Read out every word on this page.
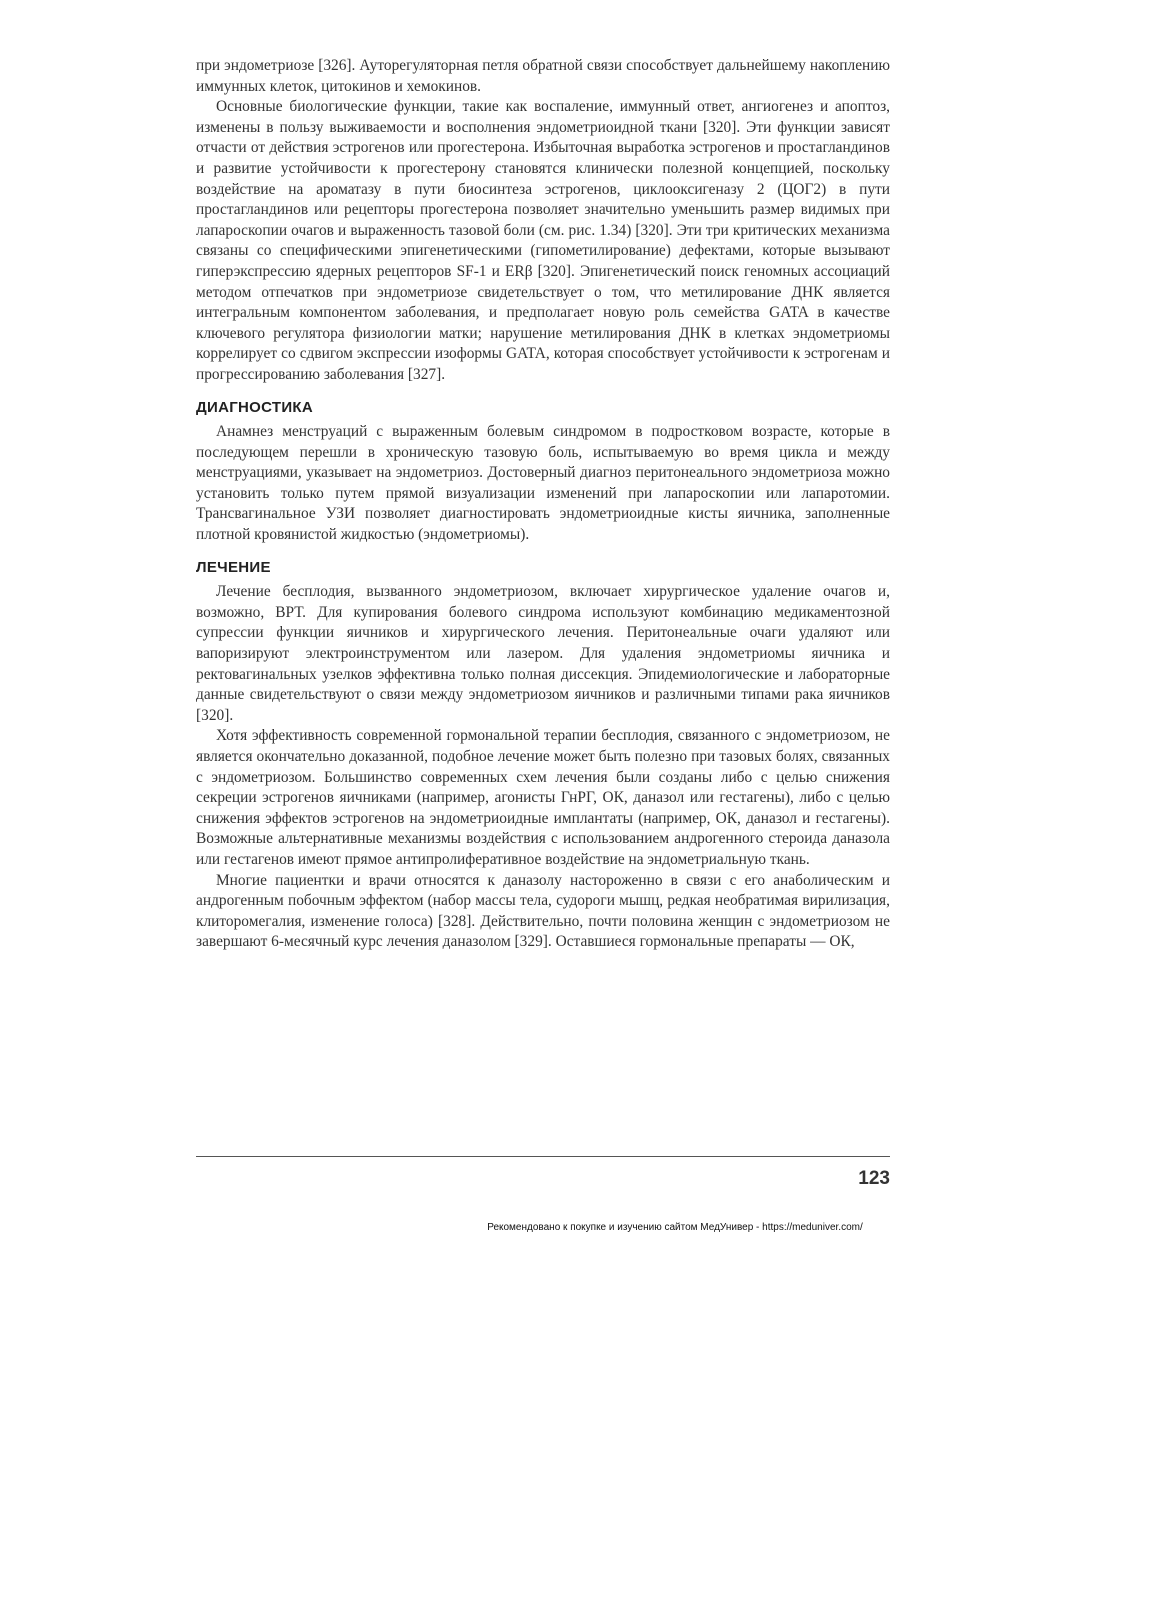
при эндометриозе [326]. Ауторегуляторная петля обратной связи способствует дальнейшему накоплению иммунных клеток, цитокинов и хемокинов.

Основные биологические функции, такие как воспаление, иммунный ответ, ангиогенез и апоптоз, изменены в пользу выживаемости и восполнения эндометриоидной ткани [320]. Эти функции зависят отчасти от действия эстрогенов или прогестерона. Избыточная выработка эстрогенов и простагландинов и развитие устойчивости к прогестерону становятся клинически полезной концепцией, поскольку воздействие на ароматазу в пути биосинтеза эстрогенов, циклооксигеназу 2 (ЦОГ2) в пути простагландинов или рецепторы прогестерона позволяет значительно уменьшить размер видимых при лапароскопии очагов и выраженность тазовой боли (см. рис. 1.34) [320]. Эти три критических механизма связаны со специфическими эпигенетическими (гипометилирование) дефектами, которые вызывают гиперэкспрессию ядерных рецепторов SF-1 и ERβ [320]. Эпигенетический поиск геномных ассоциаций методом отпечатков при эндометриозе свидетельствует о том, что метилирование ДНК является интегральным компонентом заболевания, и предполагает новую роль семейства GATA в качестве ключевого регулятора физиологии матки; нарушение метилирования ДНК в клетках эндометриомы коррелирует со сдвигом экспрессии изоформы GATA, которая способствует устойчивости к эстрогенам и прогрессированию заболевания [327].

ДИАГНОСТИКА

Анамнез менструаций с выраженным болевым синдромом в подростковом возрасте, которые в последующем перешли в хроническую тазовую боль, испытываемую во время цикла и между менструациями, указывает на эндометриоз. Достоверный диагноз перитонеального эндометриоза можно установить только путем прямой визуализации изменений при лапароскопии или лапаротомии. Трансвагинальное УЗИ позволяет диагностировать эндометриоидные кисты яичника, заполненные плотной кровянистой жидкостью (эндометриомы).

ЛЕЧЕНИЕ

Лечение бесплодия, вызванного эндометриозом, включает хирургическое удаление очагов и, возможно, ВРТ. Для купирования болевого синдрома используют комбинацию медикаментозной супрессии функции яичников и хирургического лечения. Перитонеальные очаги удаляют или вапоризируют электроинструментом или лазером. Для удаления эндометриомы яичника и ректовагинальных узелков эффективна только полная диссекция. Эпидемиологические и лабораторные данные свидетельствуют о связи между эндометриозом яичников и различными типами рака яичников [320].

Хотя эффективность современной гормональной терапии бесплодия, связанного с эндометриозом, не является окончательно доказанной, подобное лечение может быть полезно при тазовых болях, связанных с эндометриозом. Большинство современных схем лечения были созданы либо с целью снижения секреции эстрогенов яичниками (например, агонисты ГнРГ, ОК, даназол или гестагены), либо с целью снижения эффектов эстрогенов на эндометриоидные имплантаты (например, ОК, даназол и гестагены). Возможные альтернативные механизмы воздействия с использованием андрогенного стероида даназола или гестагенов имеют прямое антипролиферативное воздействие на эндометриальную ткань.

Многие пациентки и врачи относятся к даназолу настороженно в связи с его анаболическим и андрогенным побочным эффектом (набор массы тела, судороги мышц, редкая необратимая вирилизация, клиторомегалия, изменение голоса) [328]. Действительно, почти половина женщин с эндометриозом не завершают 6-месячный курс лечения даназолом [329]. Оставшиеся гормональные препараты — ОК,

123
Рекомендовано к покупке и изучению сайтом МедУнивер - https://meduniver.com/
